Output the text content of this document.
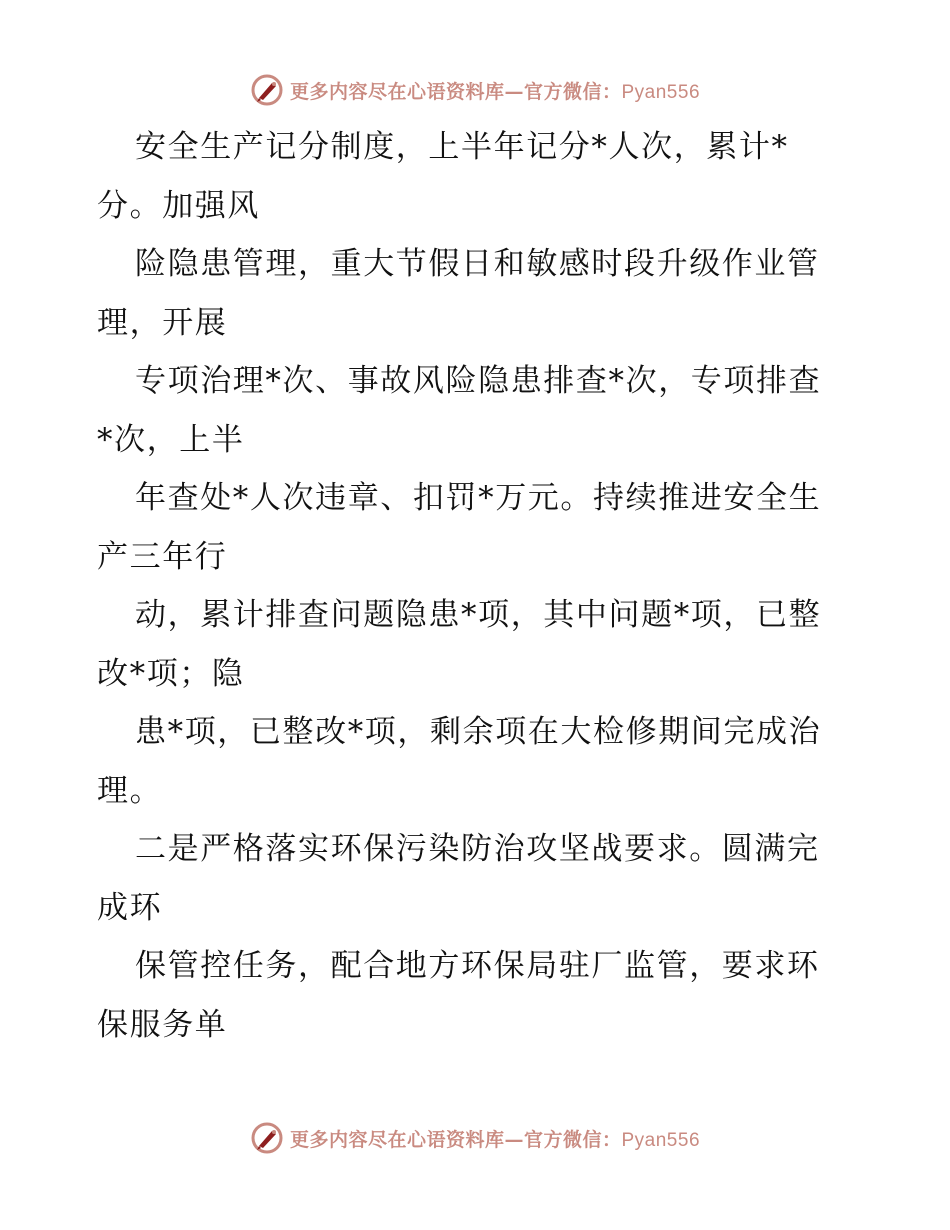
更多内容尽在心语资料库—官方微信：Pyan556
安全生产记分制度，上半年记分*人次，累计*
分。加强风
险隐患管理，重大节假日和敏感时段升级作业管
理，开展
专项治理*次、事故风险隐患排查*次，专项排查
*次，上半
年查处*人次违章、扣罚*万元。持续推进安全生
产三年行
动，累计排查问题隐患*项，其中问题*项，已整
改*项；隐
患*项，已整改*项，剩余项在大检修期间完成治
理。
二是严格落实环保污染防治攻坚战要求。圆满完
成环
保管控任务，配合地方环保局驻厂监管，要求环
保服务单
更多内容尽在心语资料库—官方微信：Pyan556
